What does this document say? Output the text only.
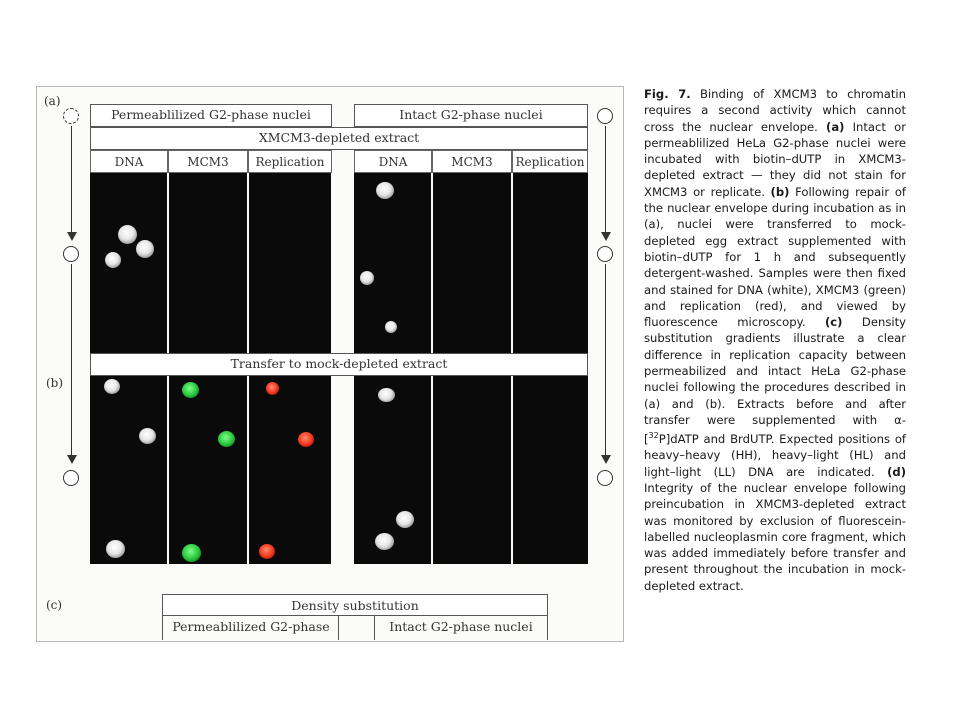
(a)
(b)
(c)
Permeablilized G2-phase nuclei	Intact G2-phase nuclei
XMCM3-depleted extract
DNA	MCM3	Replication	DNA	MCM3	Replication
Transfer to mock-depleted extract
Density substitution
Permeablilized G2-phase	Intact G2-phase nuclei
Fig. 7. Binding of XMCM3 to chromatin requires a second activity which cannot cross the nuclear envelope. (a) Intact or permeablilized HeLa G2-phase nuclei were incubated with biotin–dUTP in XMCM3-depleted extract — they did not stain for XMCM3 or replicate. (b) Following repair of the nuclear envelope during incubation as in (a), nuclei were transferred to mock-depleted egg extract supplemented with biotin–dUTP for 1 h and subsequently detergent-washed. Samples were then fixed and stained for DNA (white), XMCM3 (green) and replication (red), and viewed by fluorescence microscopy. (c) Density substitution gradients illustrate a clear difference in replication capacity between permeabilized and intact HeLa G2-phase nuclei following the procedures described in (a) and (b). Extracts before and after transfer were supplemented with α-[$^{32}$P]dATP and BrdUTP. Expected positions of heavy–heavy (HH), heavy–light (HL) and light–light (LL) DNA are indicated. (d) Integrity of the nuclear envelope following preincubation in XMCM3-depleted extract was monitored by exclusion of fluorescein-labelled nucleoplasmin core fragment, which was added immediately before transfer and present throughout the incubation in mock-depleted extract.
